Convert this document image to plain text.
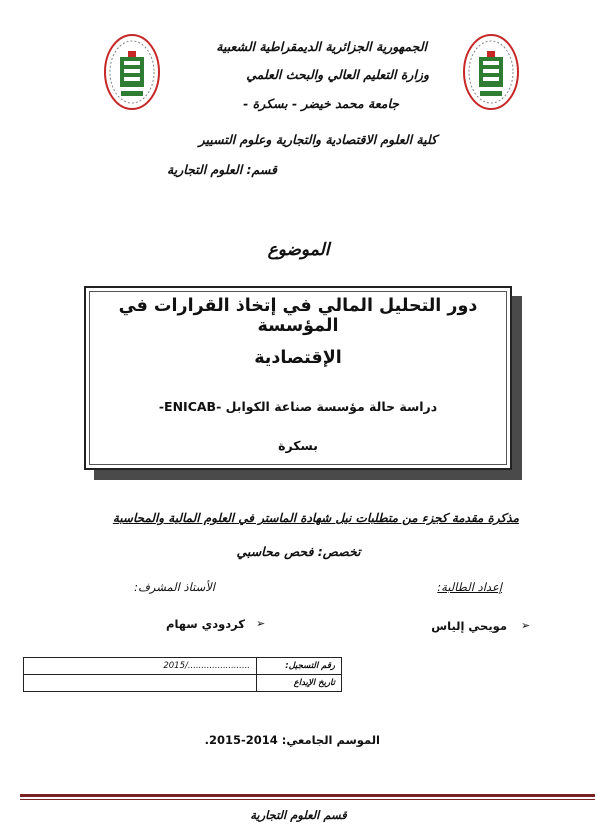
الجمهورية الجزائرية الديمقراطية الشعبية
وزارة التعليم العالي والبحث العلمي
جامعة محمد خيضر - بسكرة -
كلية العلوم الاقتصادية والتجارية وعلوم التسيير
قسم: العلوم التجارية
الموضوع
دور التحليل المالي في إتخاذ القرارات في المؤسسة
الإقتصادية
دراسة حالة مؤسسة صناعة الكوابل -ENICAB-
بسكرة
مذكرة مقدمة كجزء من متطلبات نيل شهادة الماستر في العلوم المالية والمحاسبة
تخصص: فحص محاسبي
إعداد الطالبة:
الأستاذ المشرف:
➢
مويحي إلياس
➢
كردودي سهام
......................./2015	رقم التسجيل:
	تاريخ الإيداع
الموسم الجامعي: 2014-2015.
قسم العلوم التجارية
